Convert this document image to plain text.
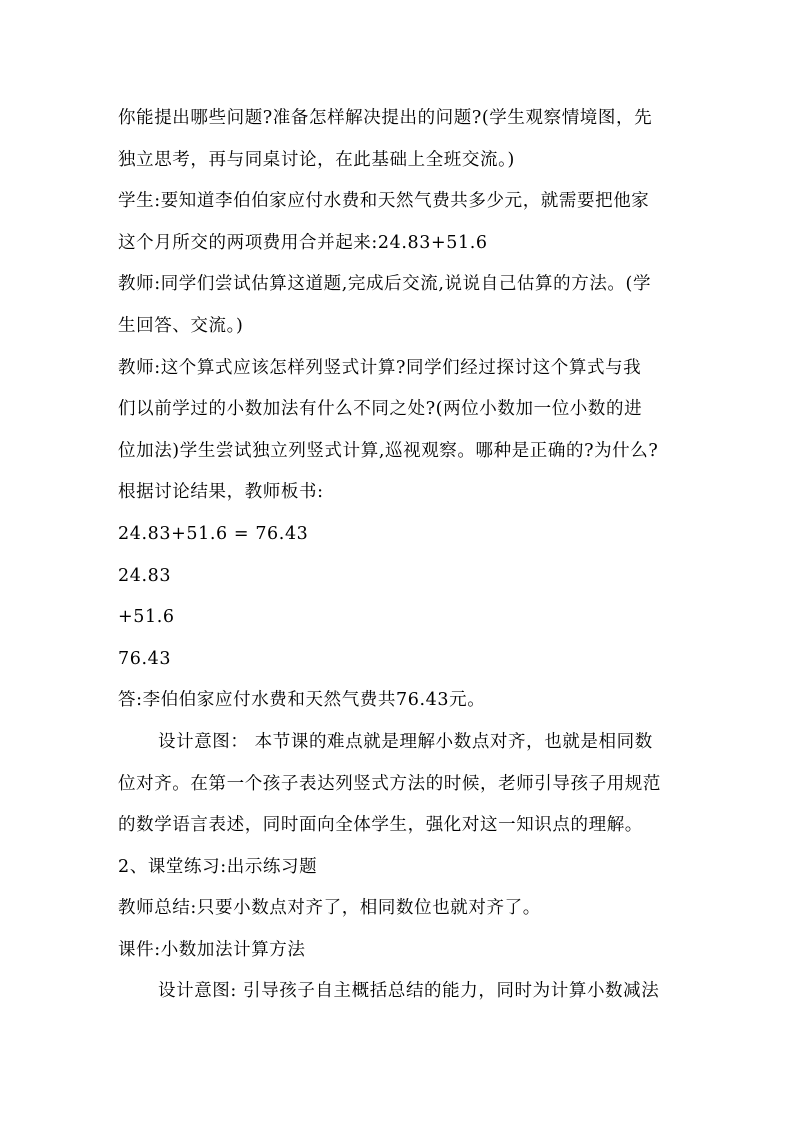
你能提出哪些问题?准备怎样解决提出的问题?(学生观察情境图，先
独立思考，再与同桌讨论，在此基础上全班交流。)
学生:要知道李伯伯家应付水费和天然气费共多少元，就需要把他家
这个月所交的两项费用合并起来:24.83+51.6
教师:同学们尝试估算这道题,完成后交流,说说自己估算的方法。(学
生回答、交流。)
教师:这个算式应该怎样列竖式计算?同学们经过探讨这个算式与我
们以前学过的小数加法有什么不同之处?(两位小数加一位小数的进
位加法)学生尝试独立列竖式计算,巡视观察。哪种是正确的?为什么?
根据讨论结果，教师板书:
24.83+51.6 = 76.43
24.83
+51.6
76.43
答:李伯伯家应付水费和天然气费共76.43元。
设计意图： 本节课的难点就是理解小数点对齐，也就是相同数
位对齐。在第一个孩子表达列竖式方法的时候，老师引导孩子用规范
的数学语言表述，同时面向全体学生，强化对这一知识点的理解。
2、课堂练习:出示练习题
教师总结:只要小数点对齐了，相同数位也就对齐了。
课件:小数加法计算方法
设计意图: 引导孩子自主概括总结的能力，同时为计算小数减法
